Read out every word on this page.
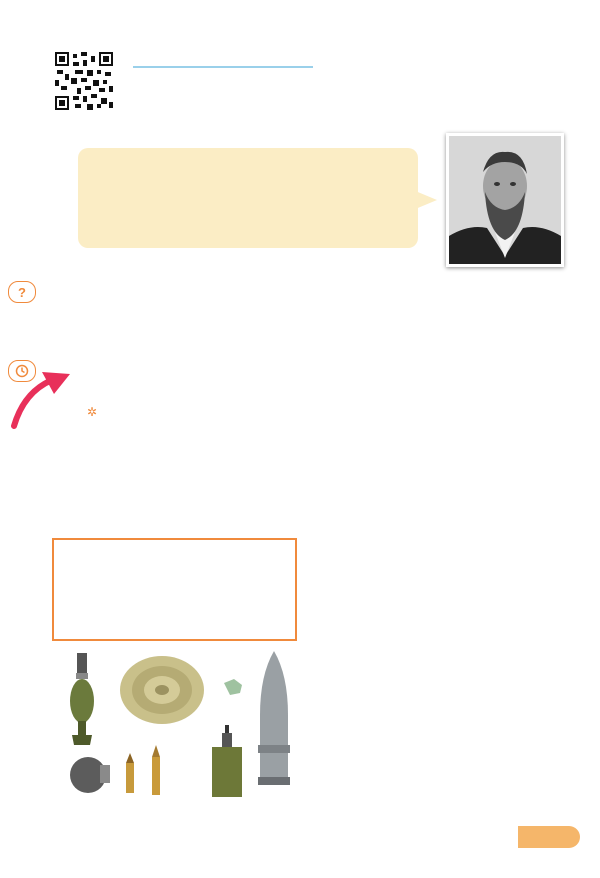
?
✲
